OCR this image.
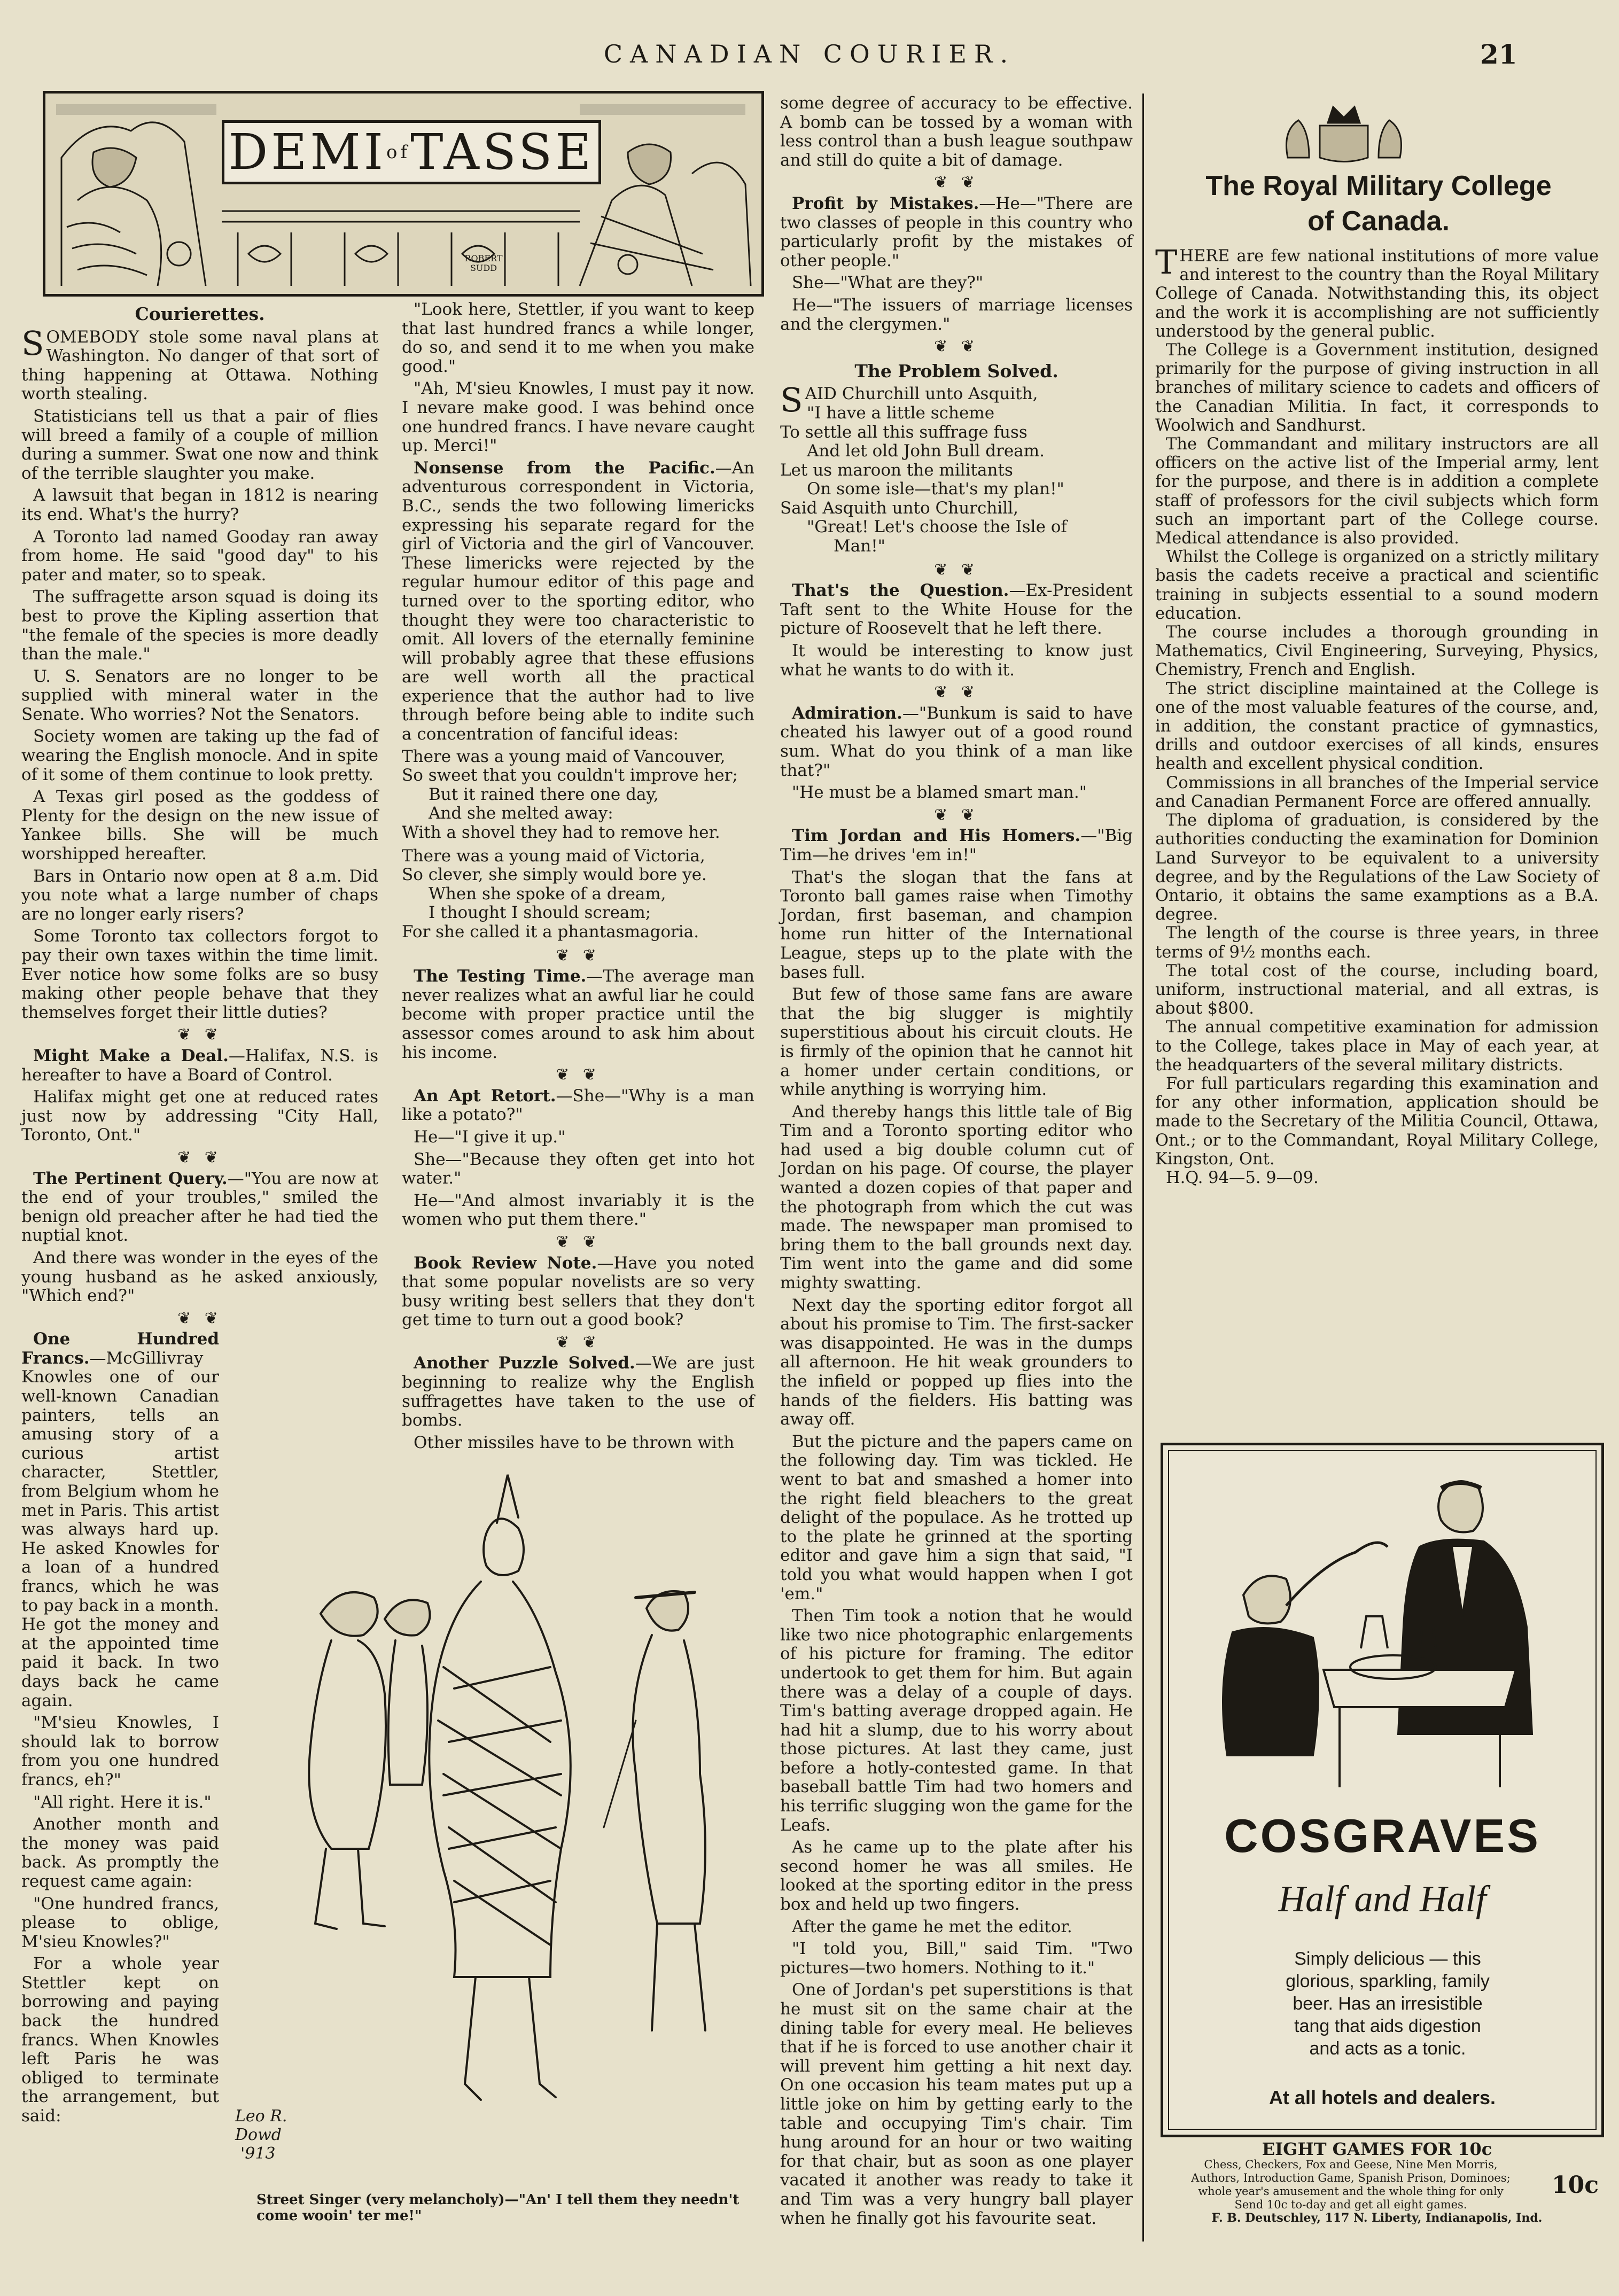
CANADIAN COURIER.	21
DEMIofTASSE
ROBERT SUDD
Courierettes.

SOMEBODY stole some naval plans at Washington. No danger of that sort of thing happening at Ottawa. Nothing worth stealing.

Statisticians tell us that a pair of flies will breed a family of a couple of million during a summer. Swat one now and think of the terrible slaughter you make.

A lawsuit that began in 1812 is nearing its end. What's the hurry?

A Toronto lad named Gooday ran away from home. He said "good day" to his pater and mater, so to speak.

The suffragette arson squad is doing its best to prove the Kipling assertion that "the female of the species is more deadly than the male."

U. S. Senators are no longer to be supplied with mineral water in the Senate. Who worries? Not the Senators.

Society women are taking up the fad of wearing the English monocle. And in spite of it some of them continue to look pretty.

A Texas girl posed as the goddess of Plenty for the design on the new issue of Yankee bills. She will be much worshipped hereafter.

Bars in Ontario now open at 8 a.m. Did you note what a large number of chaps are no longer early risers?

Some Toronto tax collectors forgot to pay their own taxes within the time limit. Ever notice how some folks are so busy making other people behave that they themselves forget their little duties?

❦ ❦

Might Make a Deal.—Halifax, N.S. is hereafter to have a Board of Control.

Halifax might get one at reduced rates just now by addressing "City Hall, Toronto, Ont."

❦ ❦

The Pertinent Query.—"You are now at the end of your troubles," smiled the benign old preacher after he had tied the nuptial knot.

And there was wonder in the eyes of the young husband as he asked anxiously, "Which end?"

❦ ❦

One Hundred Francs.—McGillivray Knowles one of our well-known Canadian painters, tells an amusing story of a curious artist character, Stettler, from Belgium whom he met in Paris. This artist was always hard up. He asked Knowles for a loan of a hundred francs, which he was to pay back in a month. He got the money and at the appointed time paid it back. In two days back he came again.

"M'sieu Knowles, I should lak to borrow from you one hundred francs, eh?"

"All right. Here it is."

Another month and the money was paid back. As promptly the request came again:

"One hundred francs, please to oblige, M'sieu Knowles?"

For a whole year Stettler kept on borrowing and paying back the hundred francs. When Knowles left Paris he was obliged to terminate the arrangement, but said:

"Look here, Stettler, if you want to keep that last hundred francs a while longer, do so, and send it to me when you make good."

"Ah, M'sieu Knowles, I must pay it now. I nevare make good. I was behind once one hundred francs. I have nevare caught up. Merci!"

Nonsense from the Pacific.—An adventurous correspondent in Victoria, B.C., sends the two following limericks expressing his separate regard for the girl of Victoria and the girl of Vancouver. These limericks were rejected by the regular humour editor of this page and turned over to the sporting editor, who thought they were too characteristic to omit. All lovers of the eternally feminine will probably agree that these effusions are well worth all the practical experience that the author had to live through before being able to indite such a concentration of fanciful ideas:

There was a young maid of Vancouver,
So sweet that you couldn't improve her;
But it rained there one day,
And she melted away:
With a shovel they had to remove her.
There was a young maid of Victoria,
So clever, she simply would bore ye.
When she spoke of a dream,
I thought I should scream;
For she called it a phantasmagoria.
❦ ❦

The Testing Time.—The average man never realizes what an awful liar he could become with proper practice until the assessor comes around to ask him about his income.

❦ ❦

An Apt Retort.—She—"Why is a man like a potato?"

He—"I give it up."

She—"Because they often get into hot water."

He—"And almost invariably it is the women who put them there."

❦ ❦

Book Review Note.—Have you noted that some popular novelists are so very busy writing best sellers that they don't get time to turn out a good book?

❦ ❦

Another Puzzle Solved.—We are just beginning to realize why the English suffragettes have taken to the use of bombs.

Other missiles have to be thrown with

Leo R.
Dowd
'913
Street Singer (very melancholy)—"An' I tell them they needn't come wooin' ter me!"

some degree of accuracy to be effective. A bomb can be tossed by a woman with less control than a bush league southpaw and still do quite a bit of damage.

❦ ❦

Profit by Mistakes.—He—"There are two classes of people in this country who particularly profit by the mistakes of other people."

She—"What are they?"

He—"The issuers of marriage licenses and the clergymen."

❦ ❦
The Problem Solved.
SAID Churchill unto Asquith,
"I have a little scheme
To settle all this suffrage fuss
And let old John Bull dream.
Let us maroon the militants
On some isle—that's my plan!"
Said Asquith unto Churchill,
"Great! Let's choose the Isle of
Man!"
❦ ❦

That's the Question.—Ex-President Taft sent to the White House for the picture of Roosevelt that he left there.

It would be interesting to know just what he wants to do with it.

❦ ❦

Admiration.—"Bunkum is said to have cheated his lawyer out of a good round sum. What do you think of a man like that?"

"He must be a blamed smart man."

❦ ❦

Tim Jordan and His Homers.—"Big Tim—he drives 'em in!"

That's the slogan that the fans at Toronto ball games raise when Timothy Jordan, first baseman, and champion home run hitter of the International League, steps up to the plate with the bases full.

But few of those same fans are aware that the big slugger is mightily superstitious about his circuit clouts. He is firmly of the opinion that he cannot hit a homer under certain conditions, or while anything is worrying him.

And thereby hangs this little tale of Big Tim and a Toronto sporting editor who had used a big double column cut of Jordan on his page. Of course, the player wanted a dozen copies of that paper and the photograph from which the cut was made. The newspaper man promised to bring them to the ball grounds next day. Tim went into the game and did some mighty swatting.

Next day the sporting editor forgot all about his promise to Tim. The first-sacker was disappointed. He was in the dumps all afternoon. He hit weak grounders to the infield or popped up flies into the hands of the fielders. His batting was away off.

But the picture and the papers came on the following day. Tim was tickled. He went to bat and smashed a homer into the right field bleachers to the great delight of the populace. As he trotted up to the plate he grinned at the sporting editor and gave him a sign that said, "I told you what would happen when I got 'em."

Then Tim took a notion that he would like two nice photographic enlargements of his picture for framing. The editor undertook to get them for him. But again there was a delay of a couple of days. Tim's batting average dropped again. He had hit a slump, due to his worry about those pictures. At last they came, just before a hotly-contested game. In that baseball battle Tim had two homers and his terrific slugging won the game for the Leafs.

As he came up to the plate after his second homer he was all smiles. He looked at the sporting editor in the press box and held up two fingers.

After the game he met the editor.

"I told you, Bill," said Tim. "Two pictures—two homers. Nothing to it."

One of Jordan's pet superstitions is that he must sit on the same chair at the dining table for every meal. He believes that if he is forced to use another chair it will prevent him getting a hit next day. On one occasion his team mates put up a little joke on him by getting early to the table and occupying Tim's chair. Tim hung around for an hour or two waiting for that chair, but as soon as one player vacated it another was ready to take it and Tim was a very hungry ball player when he finally got his favourite seat.

The Royal Military College
of Canada.

THERE are few national institutions of more value and interest to the country than the Royal Military College of Canada. Notwithstanding this, its object and the work it is accomplishing are not sufficiently understood by the general public.

The College is a Government institution, designed primarily for the purpose of giving instruction in all branches of military science to cadets and officers of the Canadian Militia. In fact, it corresponds to Woolwich and Sandhurst.

The Commandant and military instructors are all officers on the active list of the Imperial army, lent for the purpose, and there is in addition a complete staff of professors for the civil subjects which form such an important part of the College course. Medical attendance is also provided.

Whilst the College is organized on a strictly military basis the cadets receive a practical and scientific training in subjects essential to a sound modern education.

The course includes a thorough grounding in Mathematics, Civil Engineering, Surveying, Physics, Chemistry, French and English.

The strict discipline maintained at the College is one of the most valuable features of the course, and, in addition, the constant practice of gymnastics, drills and outdoor exercises of all kinds, ensures health and excellent physical condition.

Commissions in all branches of the Imperial service and Canadian Permanent Force are offered annually.

The diploma of graduation, is considered by the authorities conducting the examination for Dominion Land Surveyor to be equivalent to a university degree, and by the Regulations of the Law Society of Ontario, it obtains the same examptions as a B.A. degree.

The length of the course is three years, in three terms of 9½ months each.

The total cost of the course, including board, uniform, instructional material, and all extras, is about $800.

The annual competitive examination for admission to the College, takes place in May of each year, at the headquarters of the several military districts.

For full particulars regarding this examination and for any other information, application should be made to the Secretary of the Militia Council, Ottawa, Ont.; or to the Commandant, Royal Military College, Kingston, Ont.

H.Q. 94—5. 9—09.

COSGRAVES
Half and Half
Simply delicious — this
glorious, sparkling, family
beer. Has an irresistible
tang that aids digestion
and acts as a tonic.
At all hotels and dealers.
EIGHT GAMES FOR 10c
Chess, Checkers, Fox and Geese, Nine Men Morris,
Authors, Introduction Game, Spanish Prison, Dominoes;
whole year's amusement and the whole thing for only
Send 10c to-day and get all eight games.
10c
F. B. Deutschley, 117 N. Liberty, Indianapolis, Ind.
